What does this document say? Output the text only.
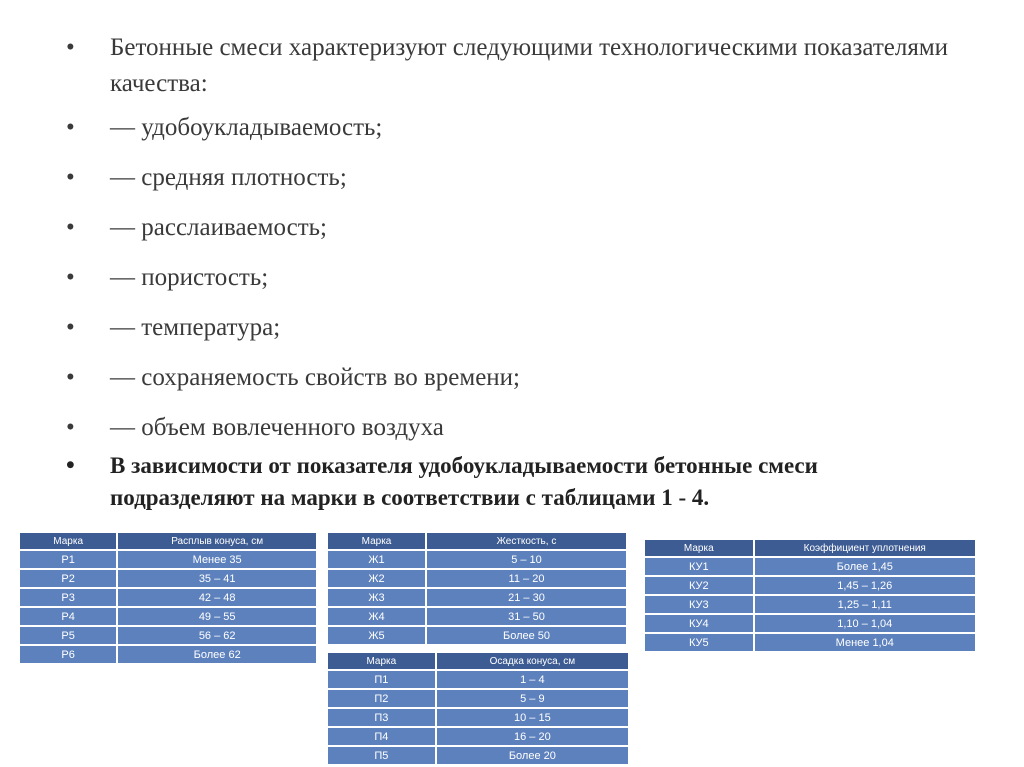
• Бетонные смеси характеризуют следующими технологическими показателями качества:
• — удобоукладываемость;
• — средняя плотность;
• — расслаиваемость;
• — пористость;
• — температура;
• — сохраняемость свойств во времени;
• — объем вовлеченного воздуха
• В зависимости от показателя удобоукладываемости бетонные смеси подразделяют на марки в соответствии с таблицами 1 - 4.
Марка	Расплыв конуса, см
Р1	Менее 35
Р2	35 – 41
Р3	42 – 48
Р4	49 – 55
Р5	56 – 62
Р6	Более 62
Марка	Жесткость, с
Ж1	5 – 10
Ж2	11 – 20
Ж3	21 – 30
Ж4	31 – 50
Ж5	Более 50
Марка	Осадка конуса, см
П1	1 – 4
П2	5 – 9
П3	10 – 15
П4	16 – 20
П5	Более 20
Марка	Коэффициент уплотнения
КУ1	Более 1,45
КУ2	1,45 – 1,26
КУ3	1,25 – 1,11
КУ4	1,10 – 1,04
КУ5	Менее 1,04
